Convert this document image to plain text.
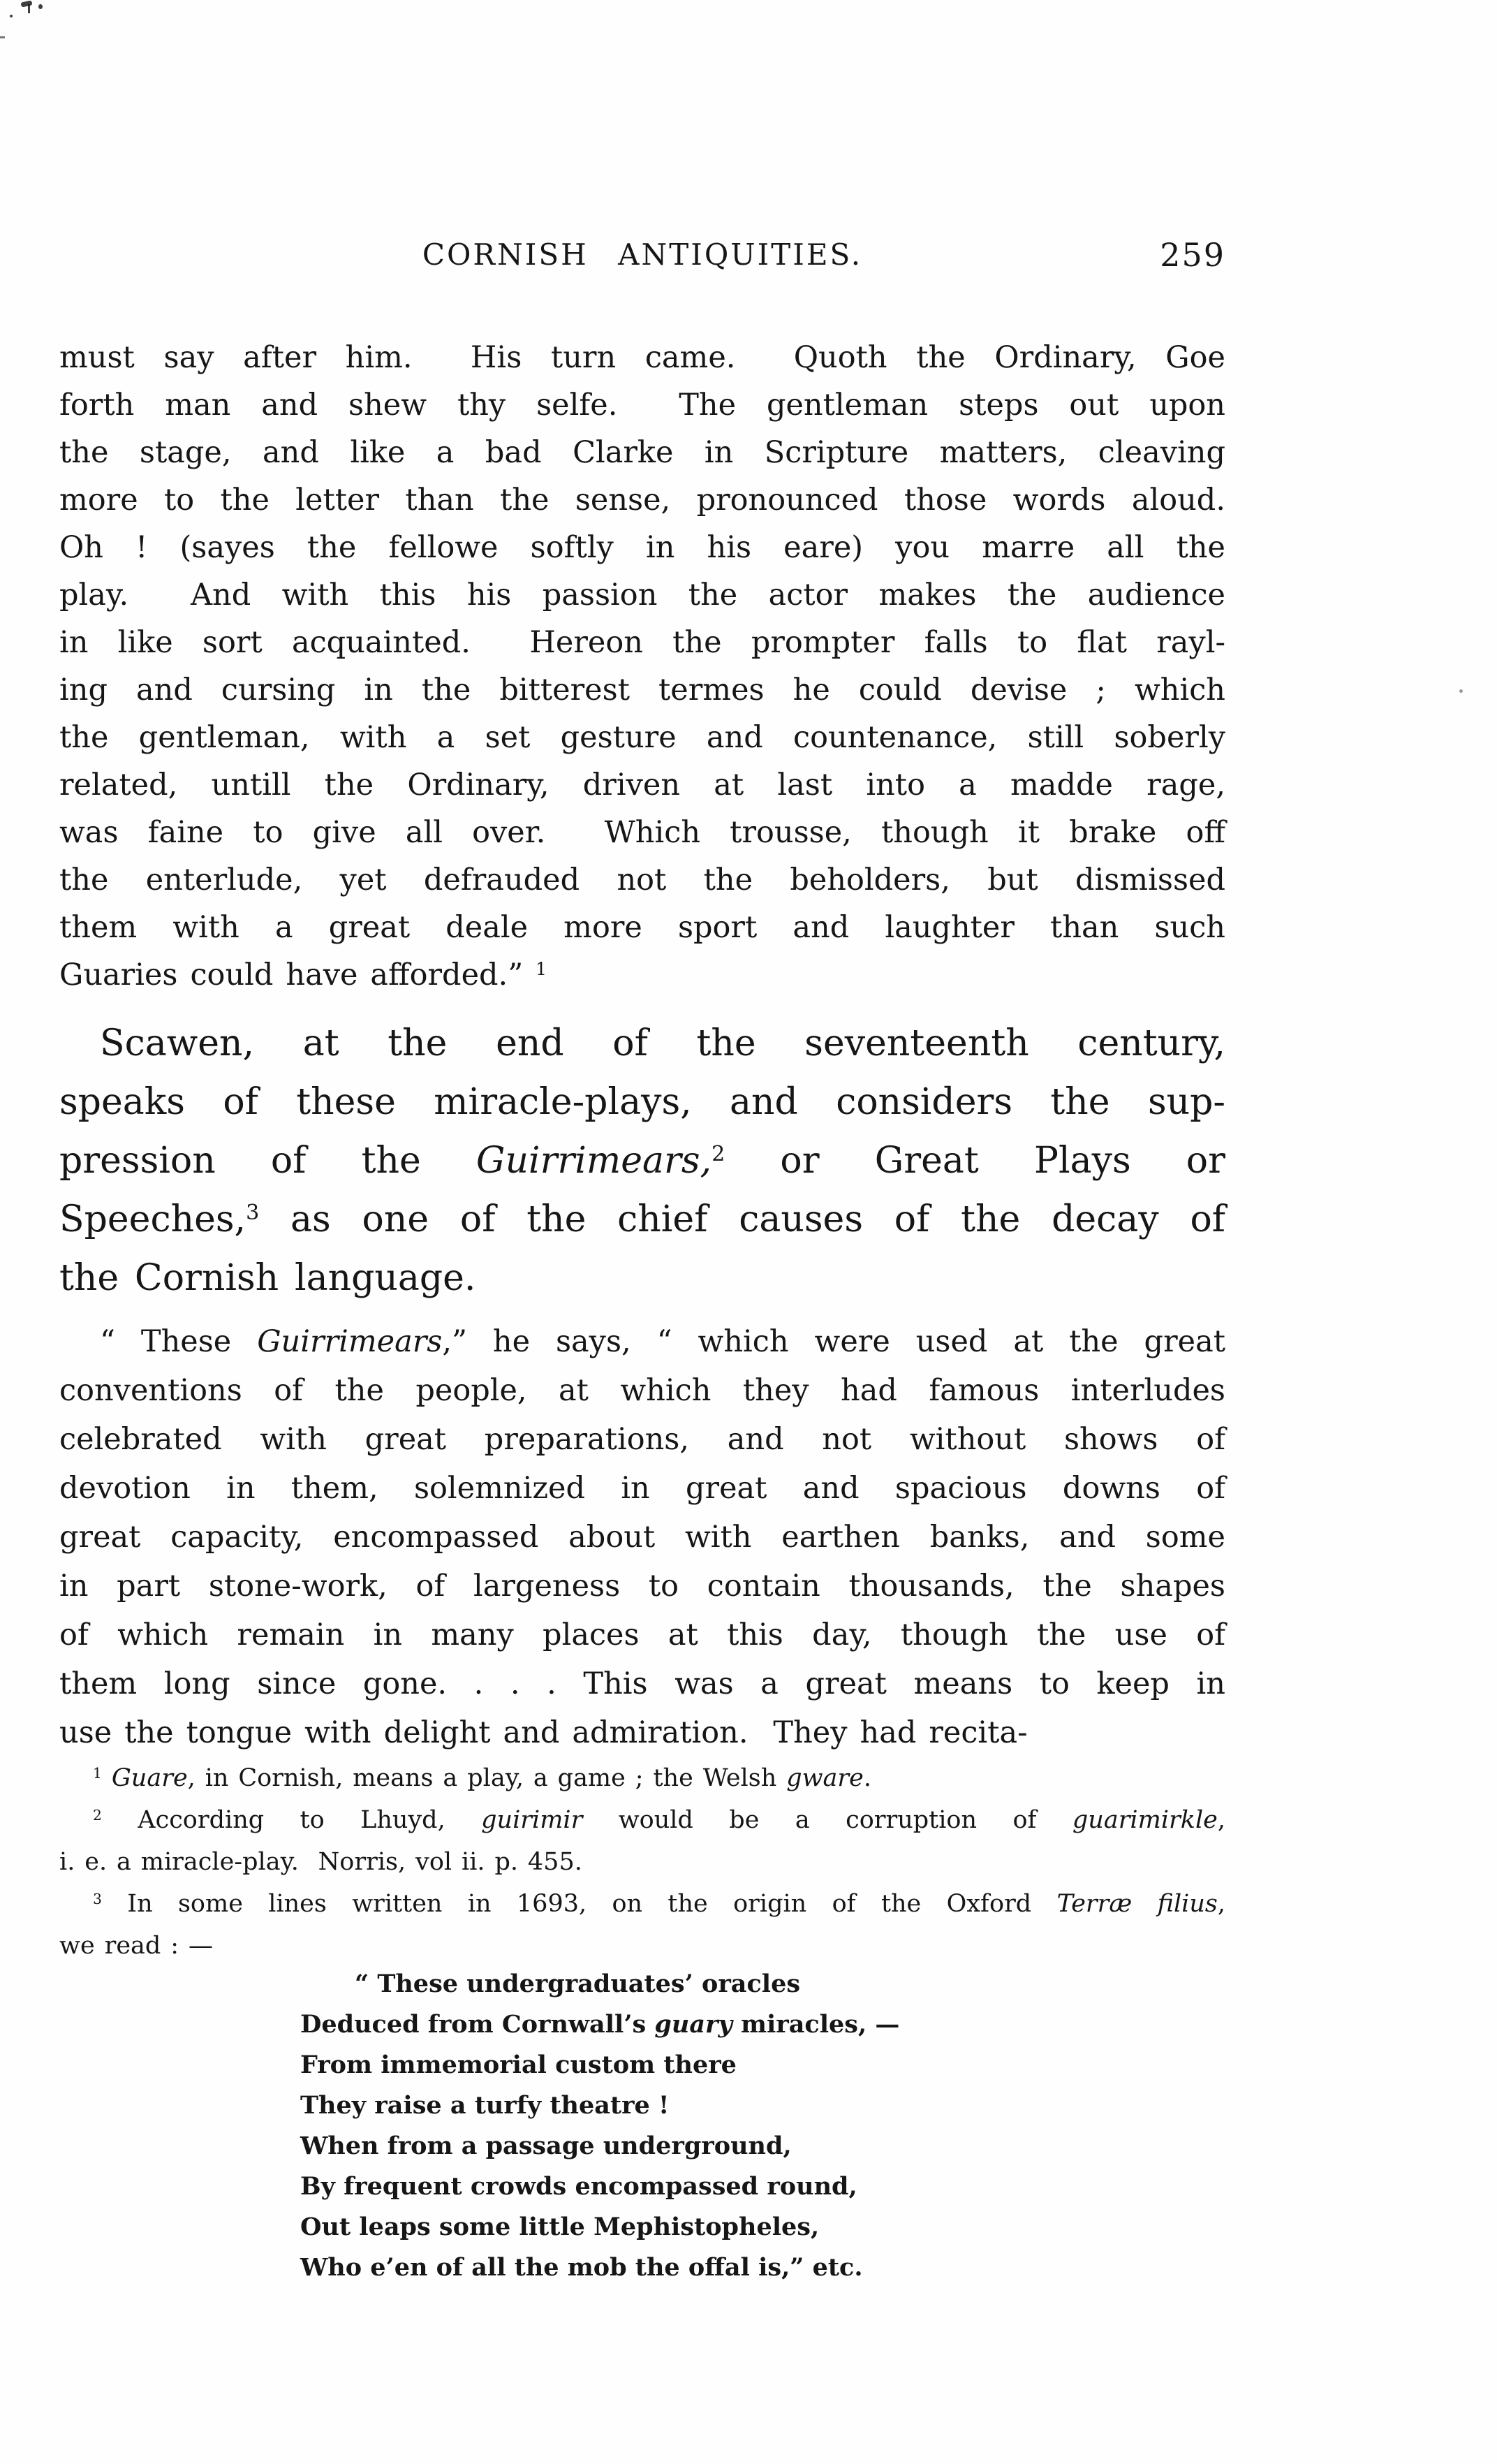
CORNISH ANTIQUITIES.	259
must say after him.  His turn came.  Quoth the Ordinary, Goe
forth man and shew thy selfe.  The gentleman steps out upon
the stage, and like a bad Clarke in Scripture matters, cleaving
more to the letter than the sense, pronounced those words aloud.
Oh ! (sayes the fellowe softly in his eare) you marre all the
play.  And with this his passion the actor makes the audience
in like sort acquainted.  Hereon the prompter falls to flat rayl-
ing and cursing in the bitterest termes he could devise ; which
the gentleman, with a set gesture and countenance, still soberly
related, untill the Ordinary, driven at last into a madde rage,
was faine to give all over.  Which trousse, though it brake off
the enterlude, yet defrauded not the beholders, but dismissed
them with a great deale more sport and laughter than such
Guaries could have afforded.” $^1$
Scawen, at the end of the seventeenth century,
speaks of these miracle-plays, and considers the sup-
pression of the Guirrimears,$^2$ or Great Plays or
Speeches,$^3$ as one of the chief causes of the decay of
the Cornish language.
“ These Guirrimears,” he says, “ which were used at the great
conventions of the people, at which they had famous interludes
celebrated with great preparations, and not without shows of
devotion in them, solemnized in great and spacious downs of
great capacity, encompassed about with earthen banks, and some
in part stone-work, of largeness to contain thousands, the shapes
of which remain in many places at this day, though the use of
them long since gone. . . . This was a great means to keep in
use the tongue with delight and admiration.  They had recita-
$^1$ Guare, in Cornish, means a play, a game ; the Welsh gware.
$^2$ According to Lhuyd, guirimir would be a corruption of guarimirkle,
i. e. a miracle-play.  Norris, vol ii. p. 455.
$^3$ In some lines written in 1693, on the origin of the Oxford Terræ filius,
we read : —
“ These undergraduates’ oracles
Deduced from Cornwall’s guary miracles, —
From immemorial custom there
They raise a turfy theatre !
When from a passage underground,
By frequent crowds encompassed round,
Out leaps some little Mephistopheles,
Who e’en of all the mob the offal is,” etc.
